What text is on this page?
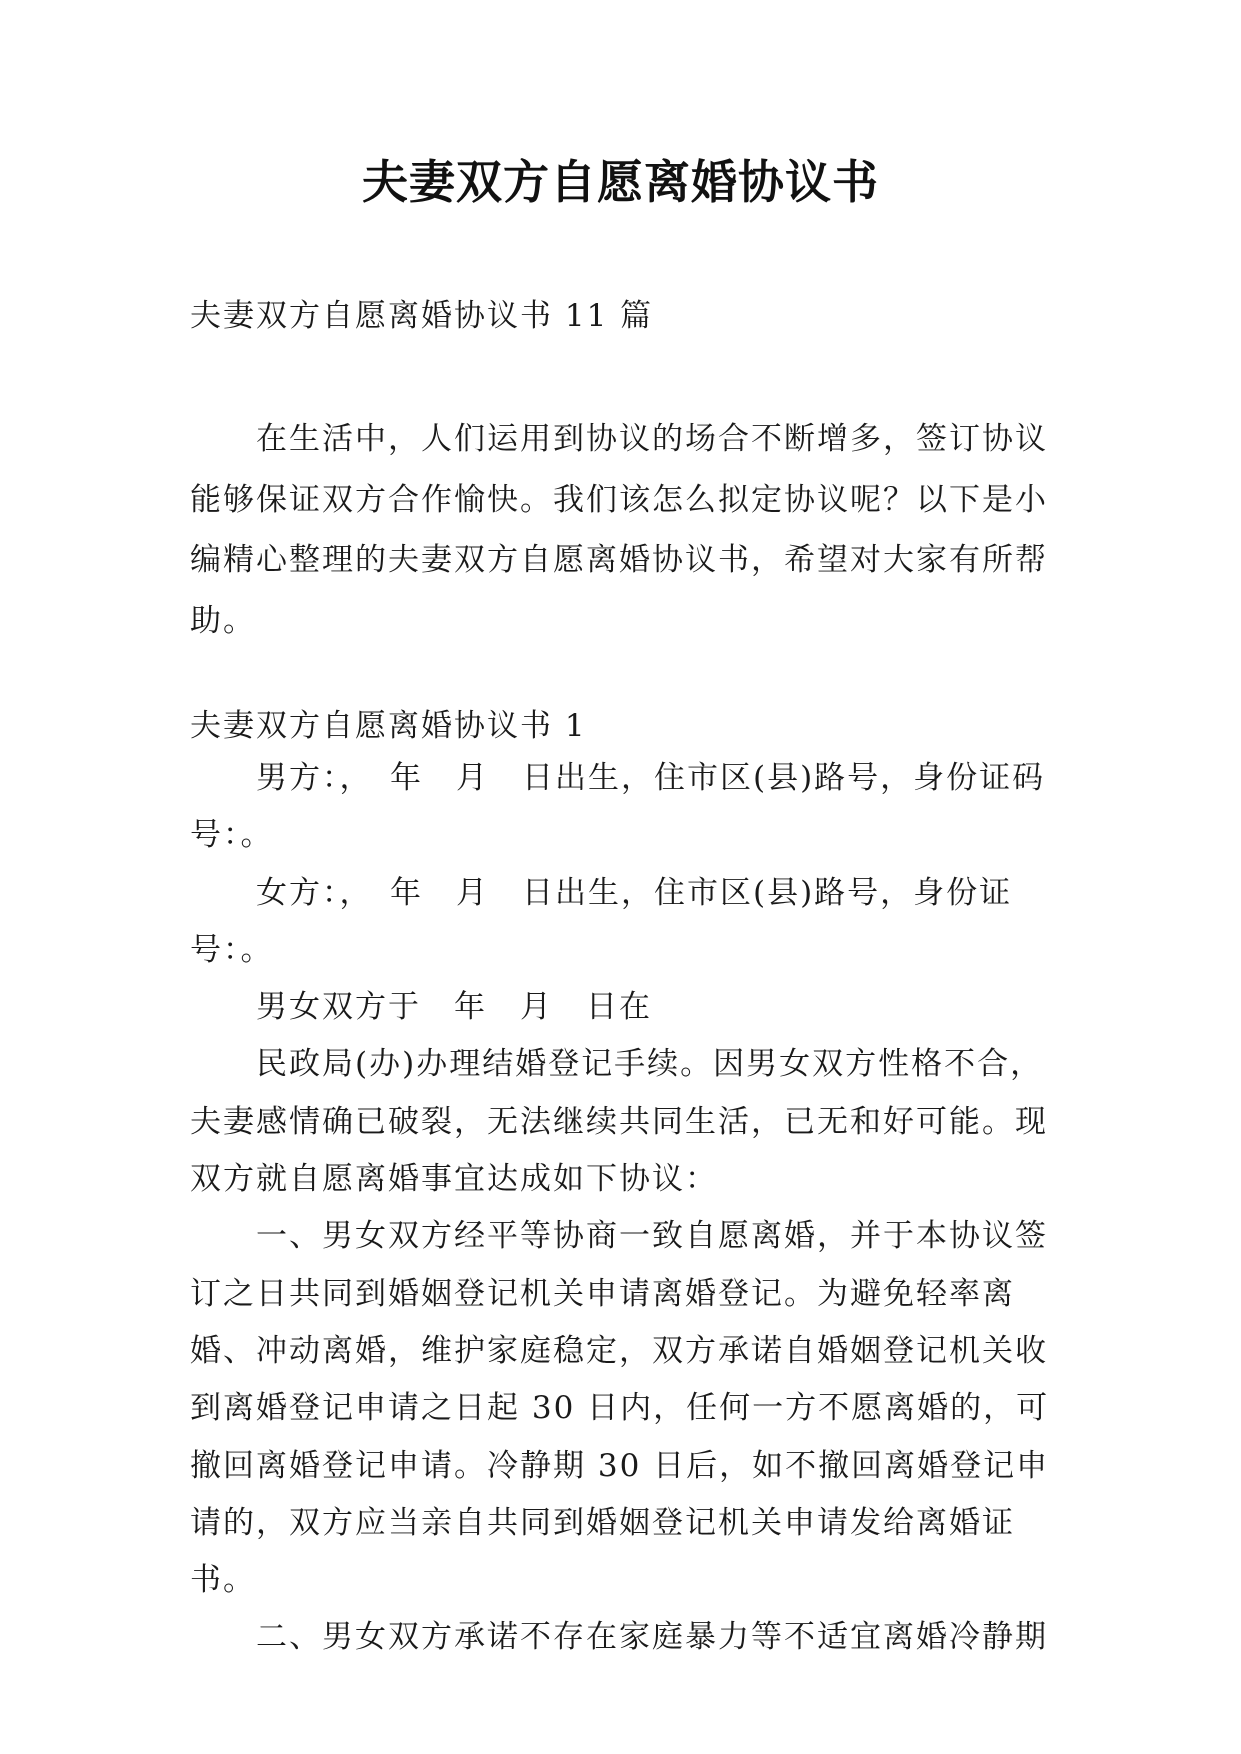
夫妻双方自愿离婚协议书
夫妻双方自愿离婚协议书 11 篇

在生活中，人们运用到协议的场合不断增多，签订协议能够保证双方合作愉快。我们该怎么拟定协议呢？以下是小编精心整理的夫妻双方自愿离婚协议书，希望对大家有所帮助。

夫妻双方自愿离婚协议书 1

男方：，　年　月　日出生，住市区(县)路号，身份证码号：。

女方：，　年　月　日出生，住市区(县)路号，身份证号：。

男女双方于　年　月　日在

民政局(办)办理结婚登记手续。因男女双方性格不合，夫妻感情确已破裂，无法继续共同生活，已无和好可能。现双方就自愿离婚事宜达成如下协议：

一、男女双方经平等协商一致自愿离婚，并于本协议签订之日共同到婚姻登记机关申请离婚登记。为避免轻率离婚、冲动离婚，维护家庭稳定，双方承诺自婚姻登记机关收到离婚登记申请之日起 30 日内，任何一方不愿离婚的，可撤回离婚登记申请。冷静期 30 日后，如不撤回离婚登记申请的，双方应当亲自共同到婚姻登记机关申请发给离婚证书。

二、男女双方承诺不存在家庭暴力等不适宜离婚冷静期
